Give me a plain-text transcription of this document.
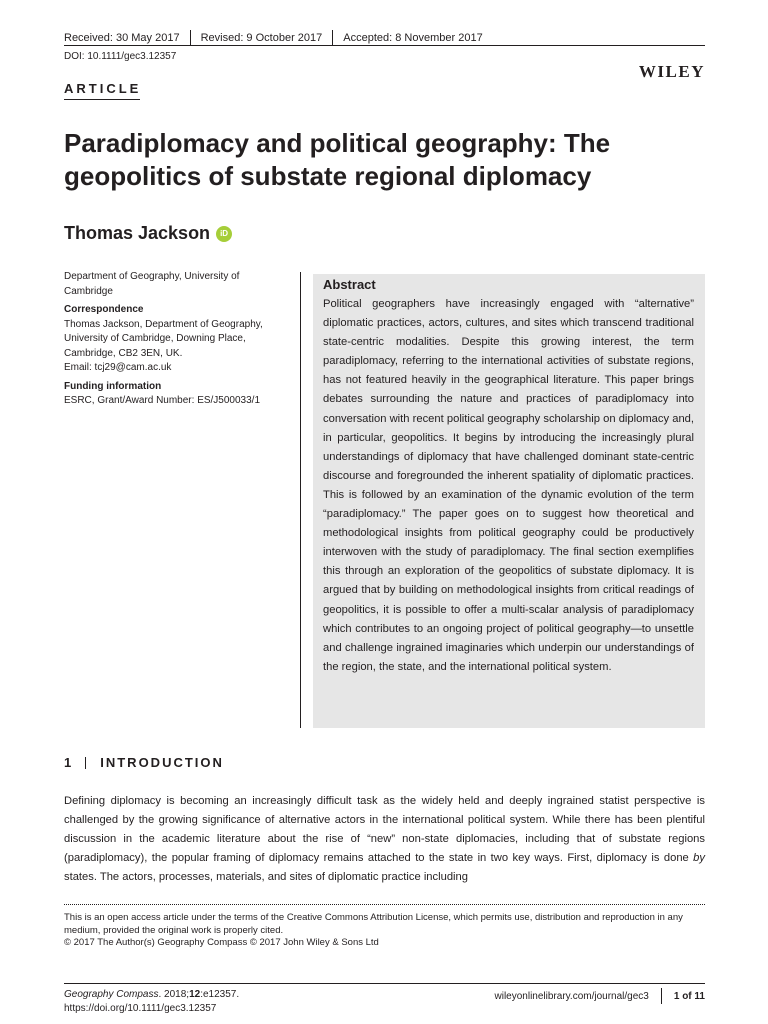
Received: 30 May 2017 Revised: 9 October 2017 Accepted: 8 November 2017
DOI: 10.1111/gec3.12357
WILEY
ARTICLE
Paradiplomacy and political geography: The geopolitics of substate regional diplomacy
Thomas Jackson	iD
Department of Geography, University of Cambridge
Correspondence
Thomas Jackson, Department of Geography, University of Cambridge, Downing Place, Cambridge, CB2 3EN, UK.
Email: tcj29@cam.ac.uk
Funding information
ESRC, Grant/Award Number: ES/J500033/1
Abstract

Political geographers have increasingly engaged with “alternative” diplomatic practices, actors, cultures, and sites which transcend traditional state-centric modalities. Despite this growing interest, the term paradiplomacy, referring to the international activities of substate regions, has not featured heavily in the geographical literature. This paper brings debates surrounding the nature and practices of paradiplomacy into conversation with recent political geography scholarship on diplomacy and, in particular, geopolitics. It begins by introducing the increasingly plural understandings of diplomacy that have challenged dominant state-centric discourse and foregrounded the inherent spatiality of diplomatic practices. This is followed by an examination of the dynamic evolution of the term “paradiplomacy.” The paper goes on to suggest how theoretical and methodological insights from political geography could be productively interwoven with the study of paradiplomacy. The final section exemplifies this through an exploration of the geopolitics of substate diplomacy. It is argued that by building on methodological insights from critical readings of geopolitics, it is possible to offer a multi-scalar analysis of paradiplomacy which contributes to an ongoing project of political geography—to unsettle and challenge ingrained imaginaries which underpin our understandings of the region, the state, and the international political system.

1 INTRODUCTION

Defining diplomacy is becoming an increasingly difficult task as the widely held and deeply ingrained statist perspective is challenged by the growing significance of alternative actors in the international political system. While there has been plentiful discussion in the academic literature about the rise of “new” non-state diplomacies, including that of substate regions (paradiplomacy), the popular framing of diplomacy remains attached to the state in two key ways. First, diplomacy is done by states. The actors, processes, materials, and sites of diplomatic practice including

This is an open access article under the terms of the Creative Commons Attribution License, which permits use, distribution and reproduction in any medium, provided the original work is properly cited.
© 2017 The Author(s) Geography Compass © 2017 John Wiley & Sons Ltd
Geography Compass. 2018;12:e12357.
https://doi.org/10.1111/gec3.12357
wileyonlinelibrary.com/journal/gec3	1 of 11
